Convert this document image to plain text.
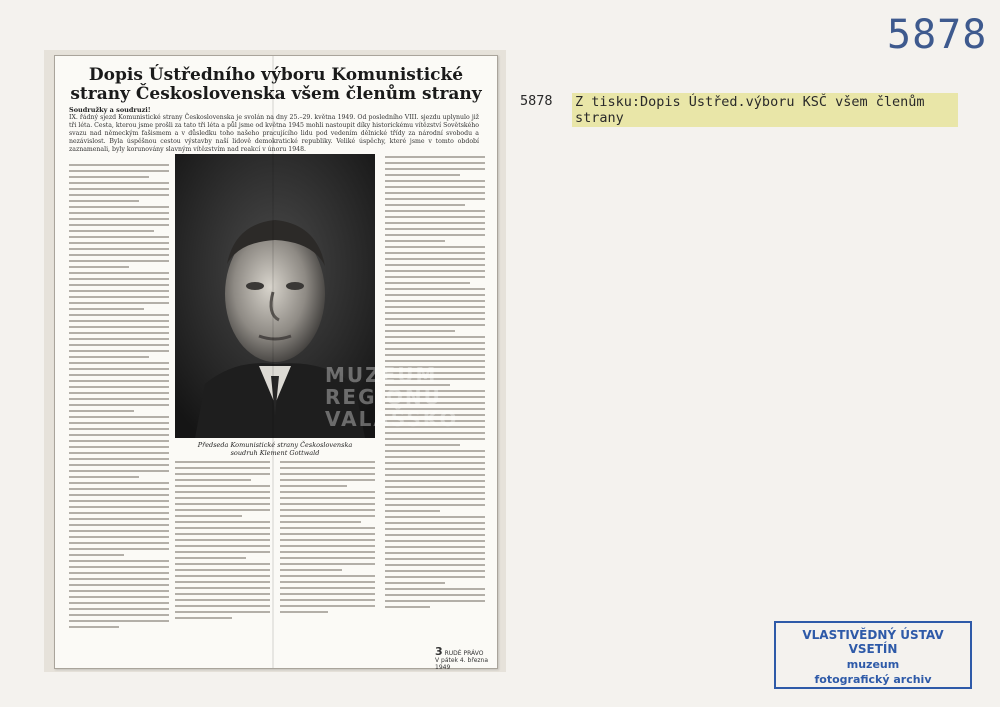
5878
5878 Z tisku:Dopis Ústřed.výboru KSČ všem členům strany
Dopis Ústředního výboru Komunistické strany Československa všem členům strany
Soudružky a soudruzi!
IX. řádný sjezd Komunistické strany Československa je svolán na dny 25.–29. května 1949. Od posledního VIII. sjezdu uplynulo již tři léta. Cesta, kterou jsme prošli za tato tři léta a půl jsme od května 1945 mohli nastoupit díky historickému vítězství Sovětského svazu nad německým fašismem a v důsledku toho našeho pracujícího lidu pod vedením dělnické třídy za národní svobodu a nezávislost. Byla úspěšnou cestou výstavby naší lidově demokratické republiky. Veliké úspěchy, které jsme v tomto období zaznamenali, byly korunovány slavným vítězstvím nad reakcí v únoru 1948.
MUZEUM REGIONU VALAŠSKO
Předseda Komunistické strany Československa
soudruh Klement Gottwald
3 RUDÉ PRÁVO
V pátek 4. března 1949
VLASTIVĚDNÝ ÚSTAV VSETÍN
muzeum
fotografický archiv
